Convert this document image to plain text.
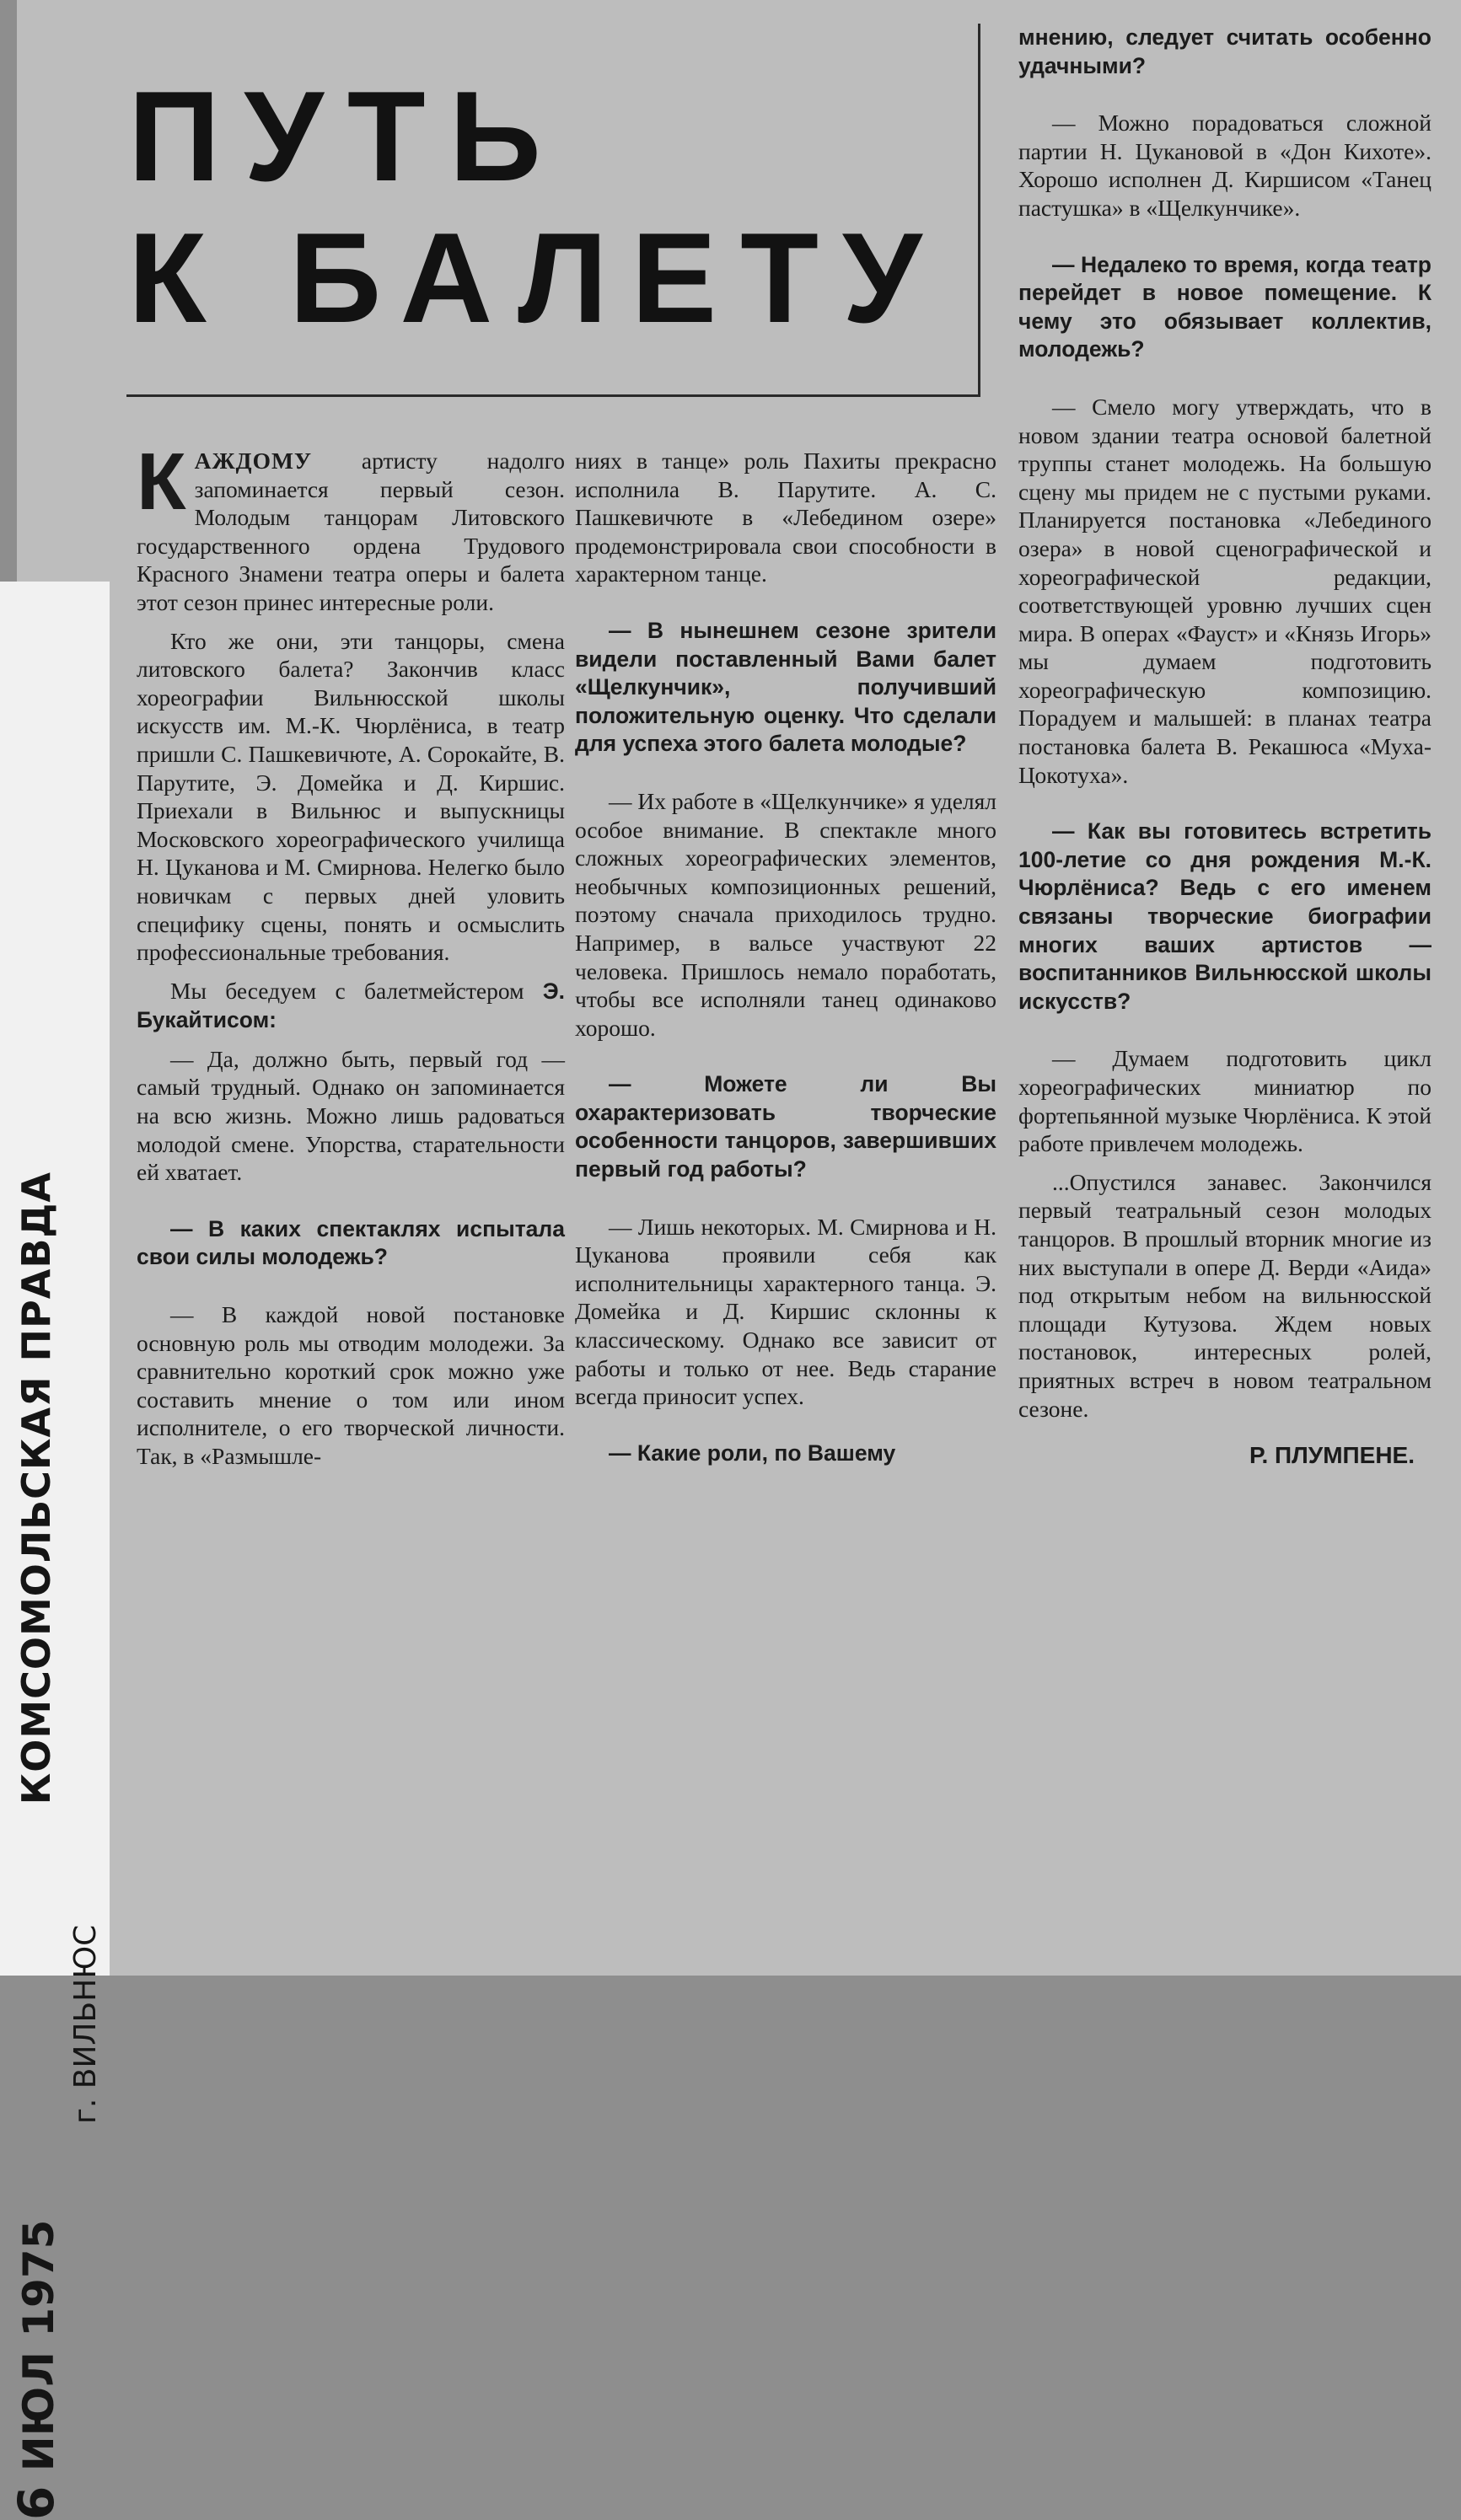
6 ИЮЛ 1975
КОМСОМОЛЬСКАЯ ПРАВДА
г. ВИЛЬНЮС
ПУТЬ
К БАЛЕТУ

КАЖДОМУ артисту надолго запоминается первый сезон. Молодым танцорам Литовского государственного ордена Трудового Красного Знамени театра оперы и балета этот сезон принес интересные роли.

Кто же они, эти танцоры, смена литовского балета? Закончив класс хореографии Вильнюсской школы искусств им. М.-К. Чюрлёниса, в театр пришли С. Пашкевичюте, А. Сорокайте, В. Парутите, Э. Домейка и Д. Киршис. Приехали в Вильнюс и выпускницы Московского хореографического училища Н. Цуканова и М. Смирнова. Нелегко было новичкам с первых дней уловить специфику сцены, понять и осмыслить профессиональные требования.

Мы беседуем с балетмейстером Э. Букайтисом:

— Да, должно быть, первый год — самый трудный. Однако он запоминается на всю жизнь. Можно лишь радоваться молодой смене. Упорства, старательности ей хватает.

— В каких спектаклях испытала свои силы молодежь?

— В каждой новой постановке основную роль мы отводим молодежи. За сравнительно короткий срок можно уже составить мнение о том или ином исполнителе, о его творческой личности. Так, в «Размышле-

ниях в танце» роль Пахиты прекрасно исполнила В. Парутите. А. С. Пашкевичюте в «Лебедином озере» продемонстрировала свои способности в характерном танце.

— В нынешнем сезоне зрители видели поставленный Вами балет «Щелкунчик», получивший положительную оценку. Что сделали для успеха этого балета молодые?

— Их работе в «Щелкунчике» я уделял особое внимание. В спектакле много сложных хореографических элементов, необычных композиционных решений, поэтому сначала приходилось трудно. Например, в вальсе участвуют 22 человека. Пришлось немало поработать, чтобы все исполняли танец одинаково хорошо.

— Можете ли Вы охарактеризовать творческие особенности танцоров, завершивших первый год работы?

— Лишь некоторых. М. Смирнова и Н. Цуканова проявили себя как исполнительницы характерного танца. Э. Домейка и Д. Киршис склонны к классическому. Однако все зависит от работы и только от нее. Ведь старание всегда приносит успех.

— Какие роли, по Вашему

мнению, следует считать особенно удачными?

— Можно порадоваться сложной партии Н. Цукановой в «Дон Кихоте». Хорошо исполнен Д. Киршисом «Танец пастушка» в «Щелкунчике».

— Недалеко то время, когда театр перейдет в новое помещение. К чему это обязывает коллектив, молодежь?

— Смело могу утверждать, что в новом здании театра основой балетной труппы станет молодежь. На большую сцену мы придем не с пустыми руками. Планируется постановка «Лебединого озера» в новой сценографической и хореографической редакции, соответствующей уровню лучших сцен мира. В операх «Фауст» и «Князь Игорь» мы думаем подготовить хореографическую композицию. Порадуем и малышей: в планах театра постановка балета В. Рекашюса «Муха-Цокотуха».

— Как вы готовитесь встретить 100-летие со дня рождения М.-К. Чюрлёниса? Ведь с его именем связаны творческие биографии многих ваших артистов — воспитанников Вильнюсской школы искусств?

— Думаем подготовить цикл хореографических миниатюр по фортепьянной музыке Чюрлёниса. К этой работе привлечем молодежь.

...Опустился занавес. Закончился первый театральный сезон молодых танцоров. В прошлый вторник многие из них выступали в опере Д. Верди «Аида» под открытым небом на вильнюсской площади Кутузова. Ждем новых постановок, интересных ролей, приятных встреч в новом театральном сезоне.

Р. ПЛУМПЕНЕ.
